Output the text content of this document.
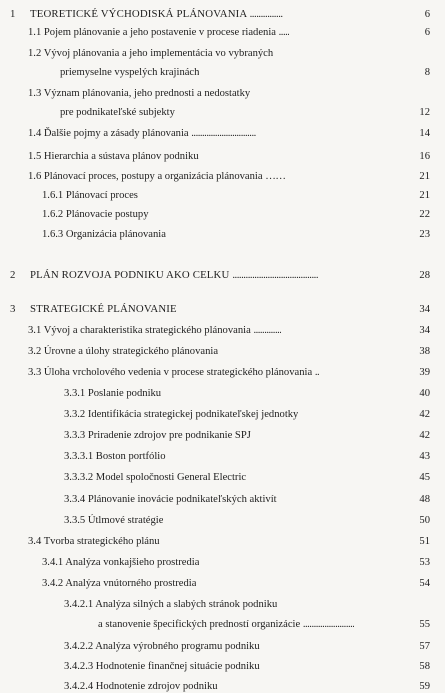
1 TEORETICKÉ VÝCHODISKÁ PLÁNOVANIA ...............	6
1.1 Pojem plánovanie a jeho postavenie v procese riadenia .....	6
1.2 Vývoj plánovania a jeho implementácia vo vybraných
priemyselne vyspelých krajinách	8
1.3 Význam plánovania, jeho prednosti a nedostatky
pre podnikateľské subjekty	12
1.4 Ďalšie pojmy a zásady plánovania ..............................	14
1.5 Hierarchia a sústava plánov podniku	16
1.6 Plánovací proces, postupy a organizácia plánovania ……	21
1.6.1 Plánovací proces	21
1.6.2 Plánovacie postupy	22
1.6.3 Organizácia plánovania	23
2 PLÁN ROZVOJA PODNIKU AKO CELKU .......................................	28
3 STRATEGICKÉ PLÁNOVANIE	34
3.1 Vývoj a charakteristika strategického plánovania .............	34
3.2 Úrovne a úlohy strategického plánovania	38
3.3 Úloha vrcholového vedenia v procese strategického plánovania ..	39
3.3.1 Poslanie podniku	40
3.3.2 Identifikácia strategickej podnikateľskej jednotky	42
3.3.3 Priradenie zdrojov pre podnikanie SPJ	42
3.3.3.1 Boston portfólio	43
3.3.3.2 Model spoločnosti General Electric	45
3.3.4 Plánovanie inovácie podnikateľských aktivít	48
3.3.5 Útlmové stratégie	50
3.4 Tvorba strategického plánu	51
3.4.1 Analýza vonkajšieho prostredia	53
3.4.2 Analýza vnútorného prostredia	54
3.4.2.1 Analýza silných a slabých stránok podniku
a stanovenie špecifických predností organizácie ........................	55
3.4.2.2 Analýza výrobného programu podniku	57
3.4.2.3 Hodnotenie finančnej situácie podniku	58
3.4.2.4 Hodnotenie zdrojov podniku	59
